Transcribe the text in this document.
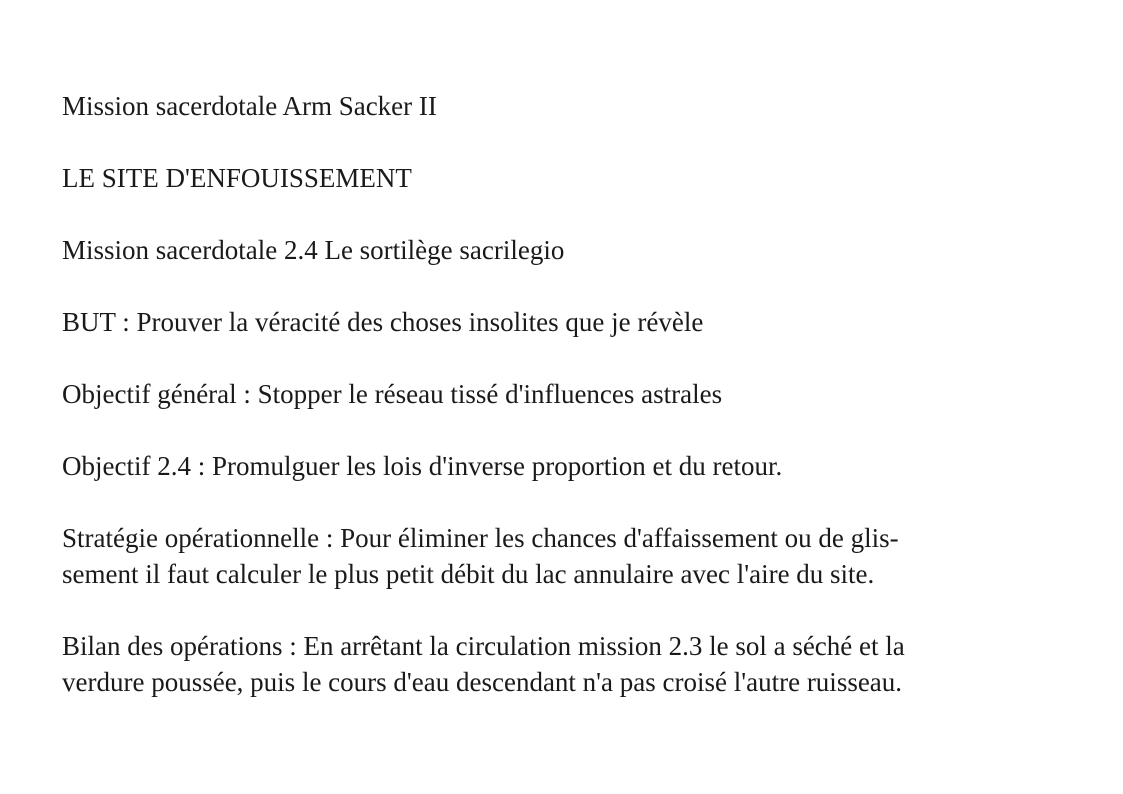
Mission sacerdotale Arm Sacker II

LE SITE D'ENFOUISSEMENT

Mission sacerdotale 2.4 Le sortilège sacrilegio

BUT : Prouver la véracité des choses insolites que je révèle

Objectif général : Stopper le réseau tissé d'influences astrales

Objectif 2.4 : Promulguer les lois d'inverse proportion et du retour.

Stratégie opérationnelle : Pour éliminer les chances d'affaissement ou de glis-
sement il faut calculer le plus petit débit du lac annulaire avec l'aire du site.

Bilan des opérations : En arrêtant la circulation mission 2.3 le sol a séché et la
verdure poussée, puis le cours d'eau descendant n'a pas croisé l'autre ruisseau.
